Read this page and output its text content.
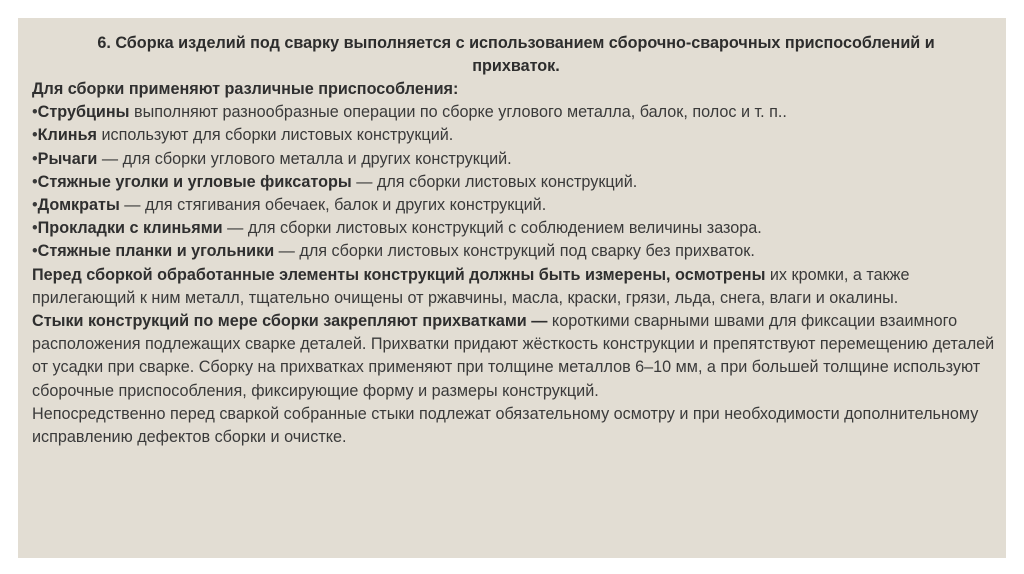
6. Сборка изделий под сварку выполняется с использованием сборочно-сварочных приспособлений и прихваток.

Для сборки применяют различные приспособления:

•Струбцины выполняют разнообразные операции по сборке углового металла, балок, полос и т. п..

•Клинья используют для сборки листовых конструкций.

•Рычаги — для сборки углового металла и других конструкций.

•Стяжные уголки и угловые фиксаторы — для сборки листовых конструкций.

•Домкраты — для стягивания обечаек, балок и других конструкций.

•Прокладки с клиньями — для сборки листовых конструкций с соблюдением величины зазора.

•Стяжные планки и угольники — для сборки листовых конструкций под сварку без прихваток.

Перед сборкой обработанные элементы конструкций должны быть измерены, осмотрены их кромки, а также прилегающий к ним металл, тщательно очищены от ржавчины, масла, краски, грязи, льда, снега, влаги и окалины.

Стыки конструкций по мере сборки закрепляют прихватками — короткими сварными швами для фиксации взаимного расположения подлежащих сварке деталей. Прихватки придают жёсткость конструкции и препятствуют перемещению деталей от усадки при сварке. Сборку на прихватках применяют при толщине металлов 6–10 мм, а при большей толщине используют сборочные приспособления, фиксирующие форму и размеры конструкций.

Непосредственно перед сваркой собранные стыки подлежат обязательному осмотру и при необходимости дополнительному исправлению дефектов сборки и очистке.
